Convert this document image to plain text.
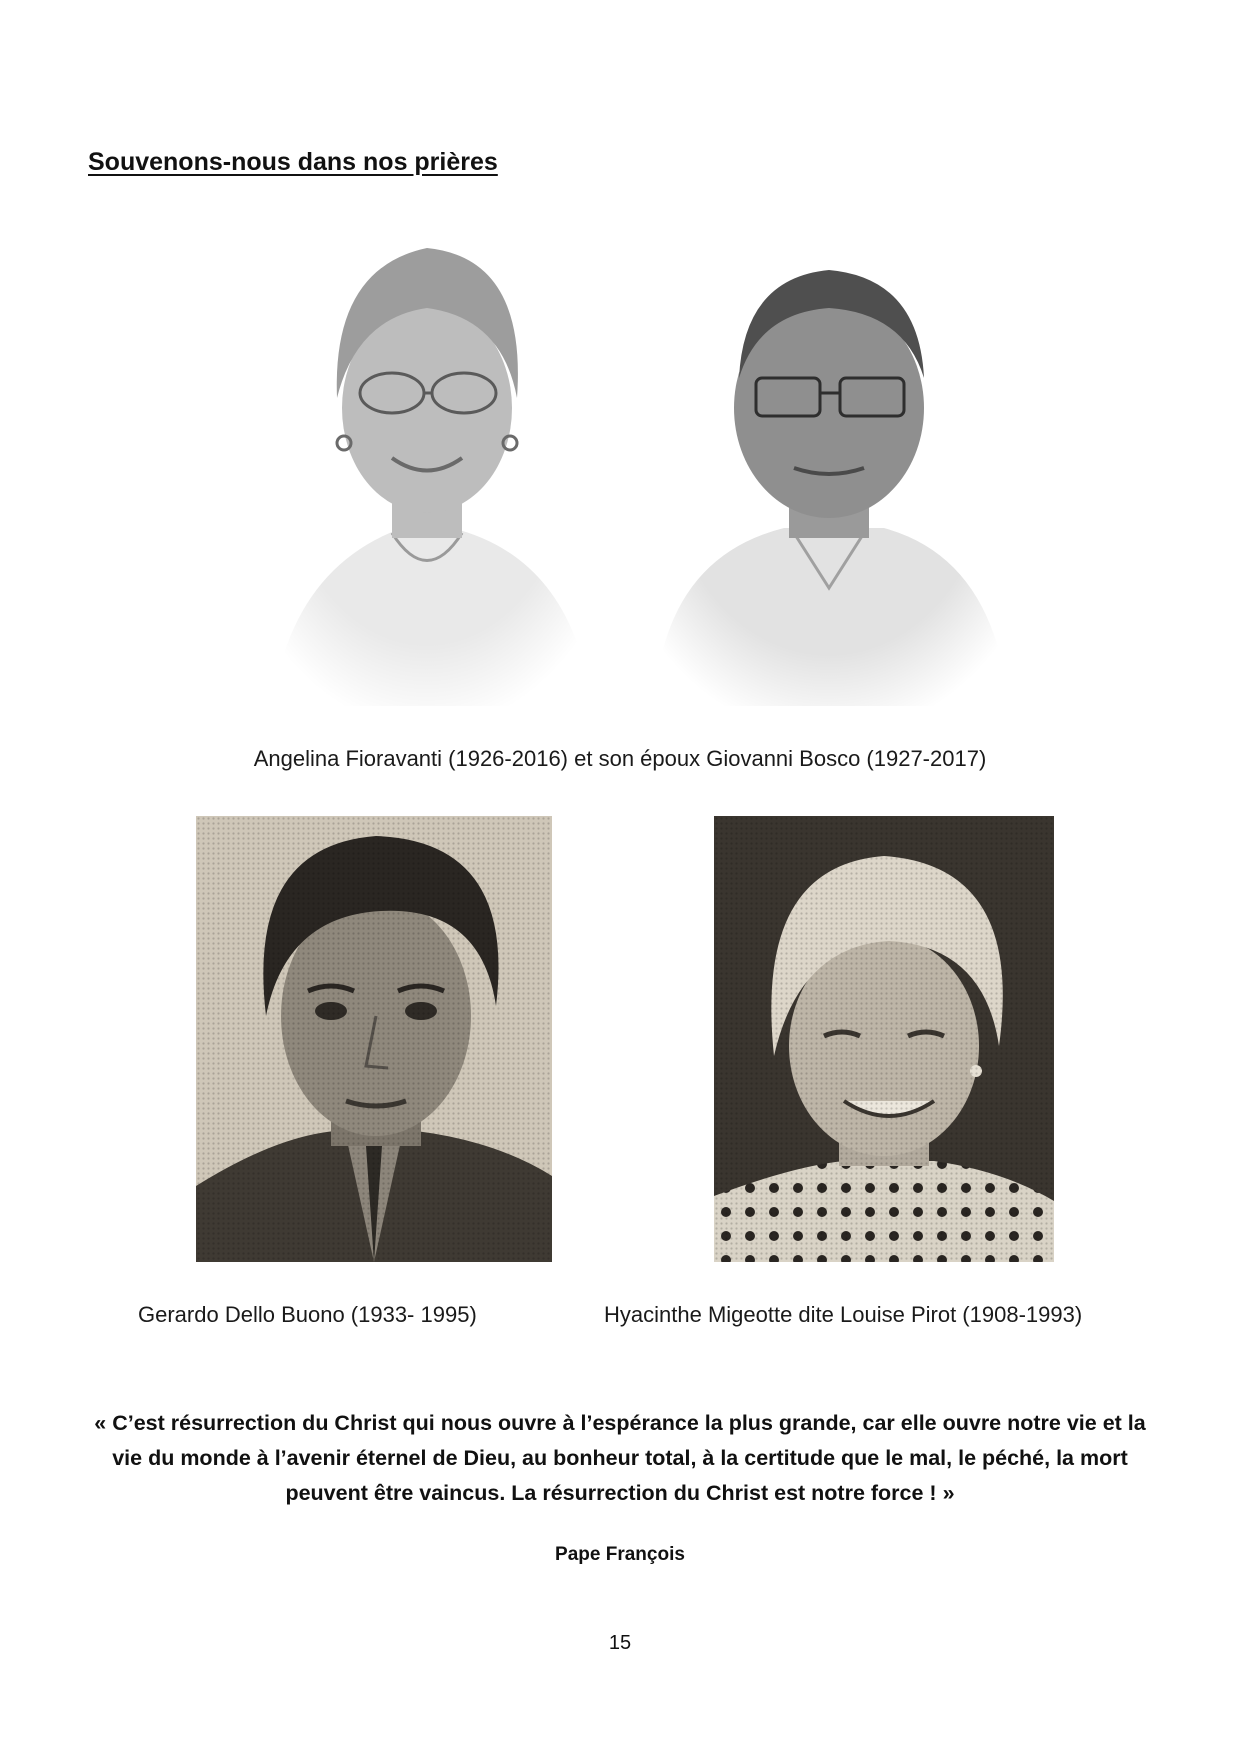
Souvenons-nous dans nos prières
Angelina Fioravanti (1926-2016) et son époux Giovanni Bosco (1927-2017)
Gerardo Dello Buono (1933- 1995)	Hyacinthe Migeotte dite Louise Pirot (1908-1993)

« C’est résurrection du Christ qui nous ouvre à l’espérance la plus grande, car elle ouvre notre vie et la vie du monde à l’avenir éternel de Dieu, au bonheur total, à la certitude que le mal, le péché, la mort peuvent être vaincus. La résurrection du Christ est notre force ! »

Pape François
15
